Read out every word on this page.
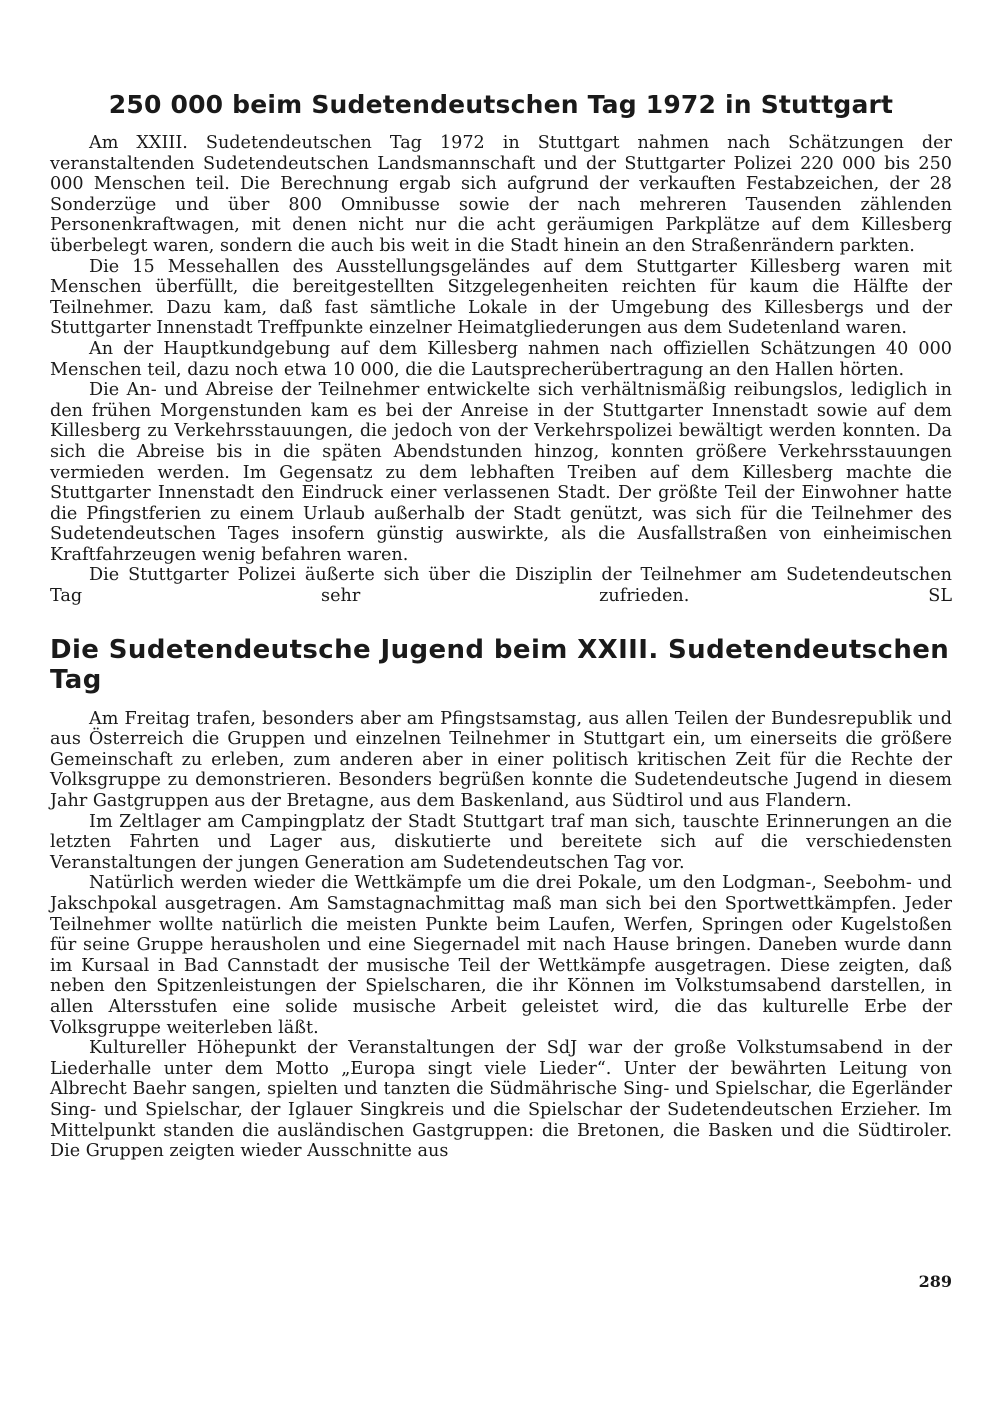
250 000 beim Sudetendeutschen Tag 1972 in Stuttgart

Am XXIII. Sudetendeutschen Tag 1972 in Stuttgart nahmen nach Schätzungen der veranstaltenden Sudetendeutschen Landsmannschaft und der Stuttgarter Polizei 220 000 bis 250 000 Menschen teil. Die Berechnung ergab sich aufgrund der verkauften Festabzeichen, der 28 Sonderzüge und über 800 Omnibusse sowie der nach mehreren Tausenden zählenden Personenkraftwagen, mit denen nicht nur die acht geräumigen Parkplätze auf dem Killesberg überbelegt waren, sondern die auch bis weit in die Stadt hinein an den Straßenrändern parkten.

Die 15 Messehallen des Ausstellungsgeländes auf dem Stuttgarter Killesberg waren mit Menschen überfüllt, die bereitgestellten Sitzgelegenheiten reichten für kaum die Hälfte der Teilnehmer. Dazu kam, daß fast sämtliche Lokale in der Umgebung des Killesbergs und der Stuttgarter Innenstadt Treffpunkte einzelner Heimatgliederungen aus dem Sudetenland waren.

An der Hauptkundgebung auf dem Killesberg nahmen nach offiziellen Schätzungen 40 000 Menschen teil, dazu noch etwa 10 000, die die Lautsprecherübertragung an den Hallen hörten.

Die An- und Abreise der Teilnehmer entwickelte sich verhältnismäßig reibungslos, lediglich in den frühen Morgenstunden kam es bei der Anreise in der Stuttgarter Innenstadt sowie auf dem Killesberg zu Verkehrsstauungen, die jedoch von der Verkehrspolizei bewältigt werden konnten. Da sich die Abreise bis in die späten Abendstunden hinzog, konnten größere Verkehrsstauungen vermieden werden. Im Gegensatz zu dem lebhaften Treiben auf dem Killesberg machte die Stuttgarter Innenstadt den Eindruck einer verlassenen Stadt. Der größte Teil der Einwohner hatte die Pfingstferien zu einem Urlaub außerhalb der Stadt genützt, was sich für die Teilnehmer des Sudetendeutschen Tages insofern günstig auswirkte, als die Ausfallstraßen von einheimischen Kraftfahrzeugen wenig befahren waren.

Die Stuttgarter Polizei äußerte sich über die Disziplin der Teilnehmer am Sudetendeutschen Tag sehr zufrieden.	SL

Die Sudetendeutsche Jugend beim XXIII. Sudetendeutschen Tag

Am Freitag trafen, besonders aber am Pfingstsamstag, aus allen Teilen der Bundesrepublik und aus Österreich die Gruppen und einzelnen Teilnehmer in Stuttgart ein, um einerseits die größere Gemeinschaft zu erleben, zum anderen aber in einer politisch kritischen Zeit für die Rechte der Volksgruppe zu demonstrieren. Besonders begrüßen konnte die Sudetendeutsche Jugend in diesem Jahr Gastgruppen aus der Bretagne, aus dem Baskenland, aus Südtirol und aus Flandern.

Im Zeltlager am Campingplatz der Stadt Stuttgart traf man sich, tauschte Erinnerungen an die letzten Fahrten und Lager aus, diskutierte und bereitete sich auf die verschiedensten Veranstaltungen der jungen Generation am Sudetendeutschen Tag vor.

Natürlich werden wieder die Wettkämpfe um die drei Pokale, um den Lodgman-, Seebohm- und Jakschpokal ausgetragen. Am Samstagnachmittag maß man sich bei den Sportwettkämpfen. Jeder Teilnehmer wollte natürlich die meisten Punkte beim Laufen, Werfen, Springen oder Kugelstoßen für seine Gruppe herausholen und eine Siegernadel mit nach Hause bringen. Daneben wurde dann im Kursaal in Bad Cannstadt der musische Teil der Wettkämpfe ausgetragen. Diese zeigten, daß neben den Spitzenleistungen der Spielscharen, die ihr Können im Volkstumsabend darstellen, in allen Altersstufen eine solide musische Arbeit geleistet wird, die das kulturelle Erbe der Volksgruppe weiterleben läßt.

Kultureller Höhepunkt der Veranstaltungen der SdJ war der große Volkstumsabend in der Liederhalle unter dem Motto „Europa singt viele Lieder“. Unter der bewährten Leitung von Albrecht Baehr sangen, spielten und tanzten die Südmährische Sing- und Spielschar, die Egerländer Sing- und Spielschar, der Iglauer Singkreis und die Spielschar der Sudetendeutschen Erzieher. Im Mittelpunkt standen die ausländischen Gastgruppen: die Bretonen, die Basken und die Südtiroler. Die Gruppen zeigten wieder Ausschnitte aus

289
